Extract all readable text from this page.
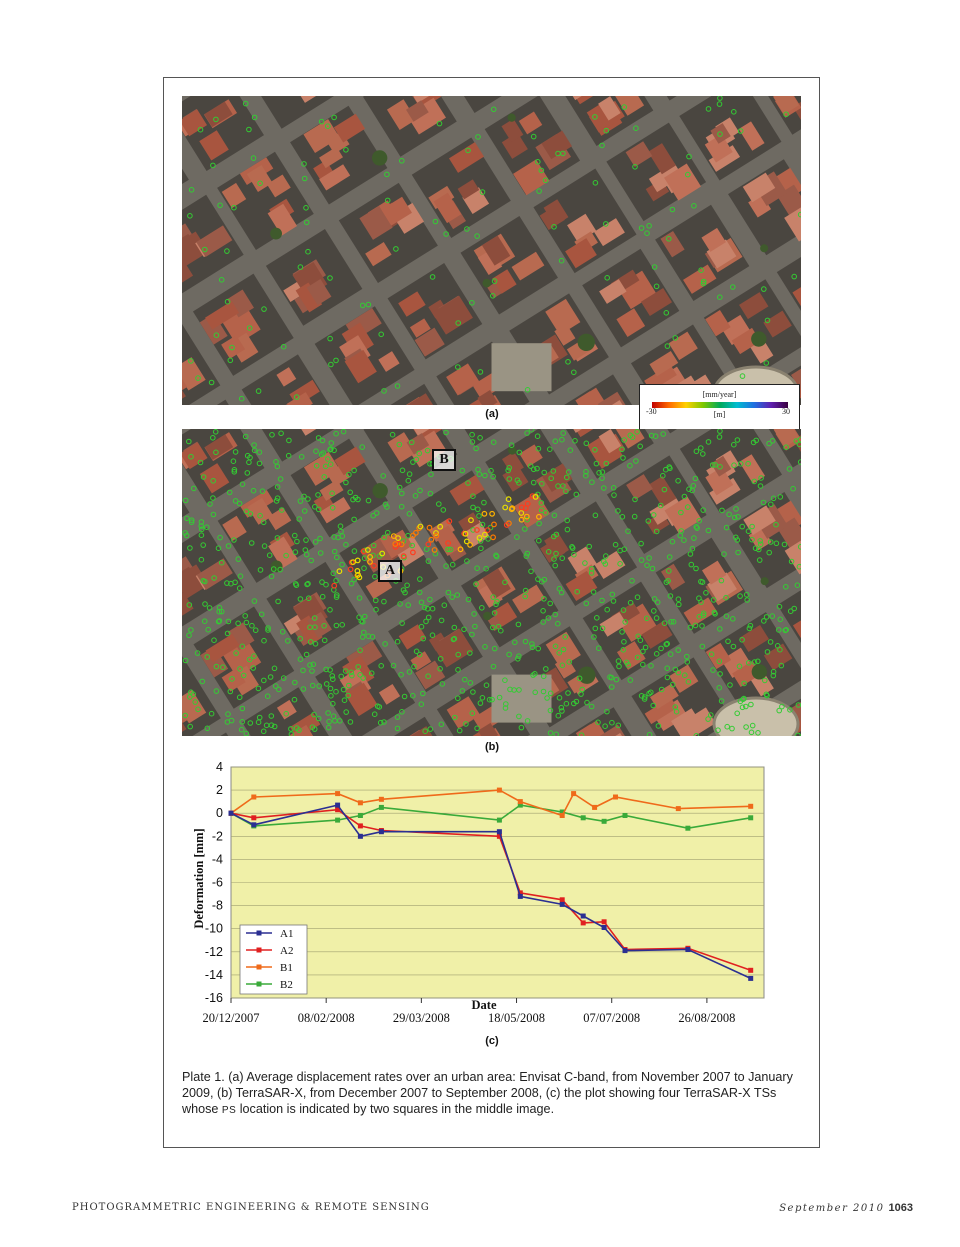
(a)
[mm/year]
-30	30
[m]
B
A
(b)
4
2
0
-2
-4
-6
-8
-10
-12
-14
-16
20/12/2007	08/02/2008	29/03/2008	18/05/2008	07/07/2008	26/08/2008
Date
Deformation [mm]
A1
A2
B1
B2
(c)
Plate 1. (a) Average displacement rates over an urban area: Envisat C-band, from November 2007 to January 2009, (b) TerraSAR-X, from December 2007 to September 2008, (c) the plot showing four TerraSAR-X TSs whose PS location is indicated by two squares in the middle image.
PHOTOGRAMMETRIC ENGINEERING & REMOTE SENSING	September 2010 1063
